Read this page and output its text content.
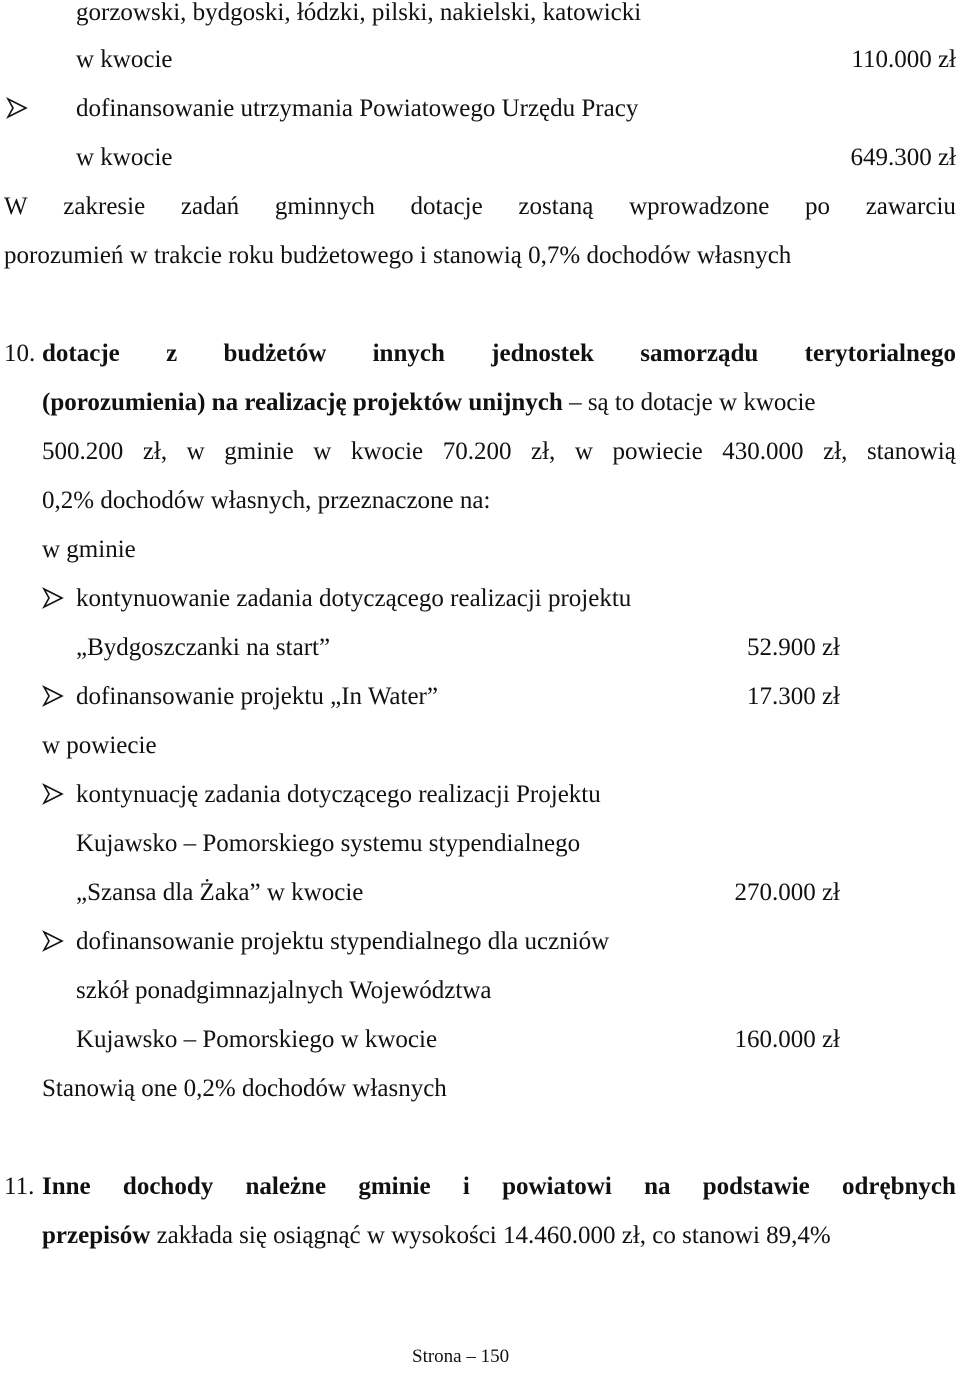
gorzowski, bydgoski, łódzki, pilski, nakielski, katowicki
w kwocie	110.000 zł
dofinansowanie utrzymania Powiatowego Urzędu Pracy
w kwocie	649.300 zł
W zakresie zadań gminnych dotacje zostaną wprowadzone po zawarciu
porozumień w trakcie roku budżetowego i stanowią 0,7% dochodów własnych
10. dotacje z budżetów innych jednostek samorządu terytorialnego
(porozumienia) na realizację projektów unijnych – są to dotacje w kwocie
500.200 zł, w gminie w kwocie 70.200 zł, w powiecie 430.000 zł, stanowią
0,2% dochodów własnych, przeznaczone na:
w gminie
kontynuowanie zadania dotyczącego realizacji projektu
„Bydgoszczanki na start”	52.900 zł
dofinansowanie projektu „In Water”	17.300 zł
w powiecie
kontynuację zadania dotyczącego realizacji Projektu
Kujawsko – Pomorskiego systemu stypendialnego
„Szansa dla Żaka” w kwocie	270.000 zł
dofinansowanie projektu stypendialnego dla uczniów
szkół ponadgimnazjalnych Województwa
Kujawsko – Pomorskiego w kwocie	160.000 zł
Stanowią one 0,2% dochodów własnych
11. Inne dochody należne gminie i powiatowi na podstawie odrębnych
przepisów zakłada się osiągnąć w wysokości 14.460.000 zł, co stanowi 89,4%
Strona – 150
